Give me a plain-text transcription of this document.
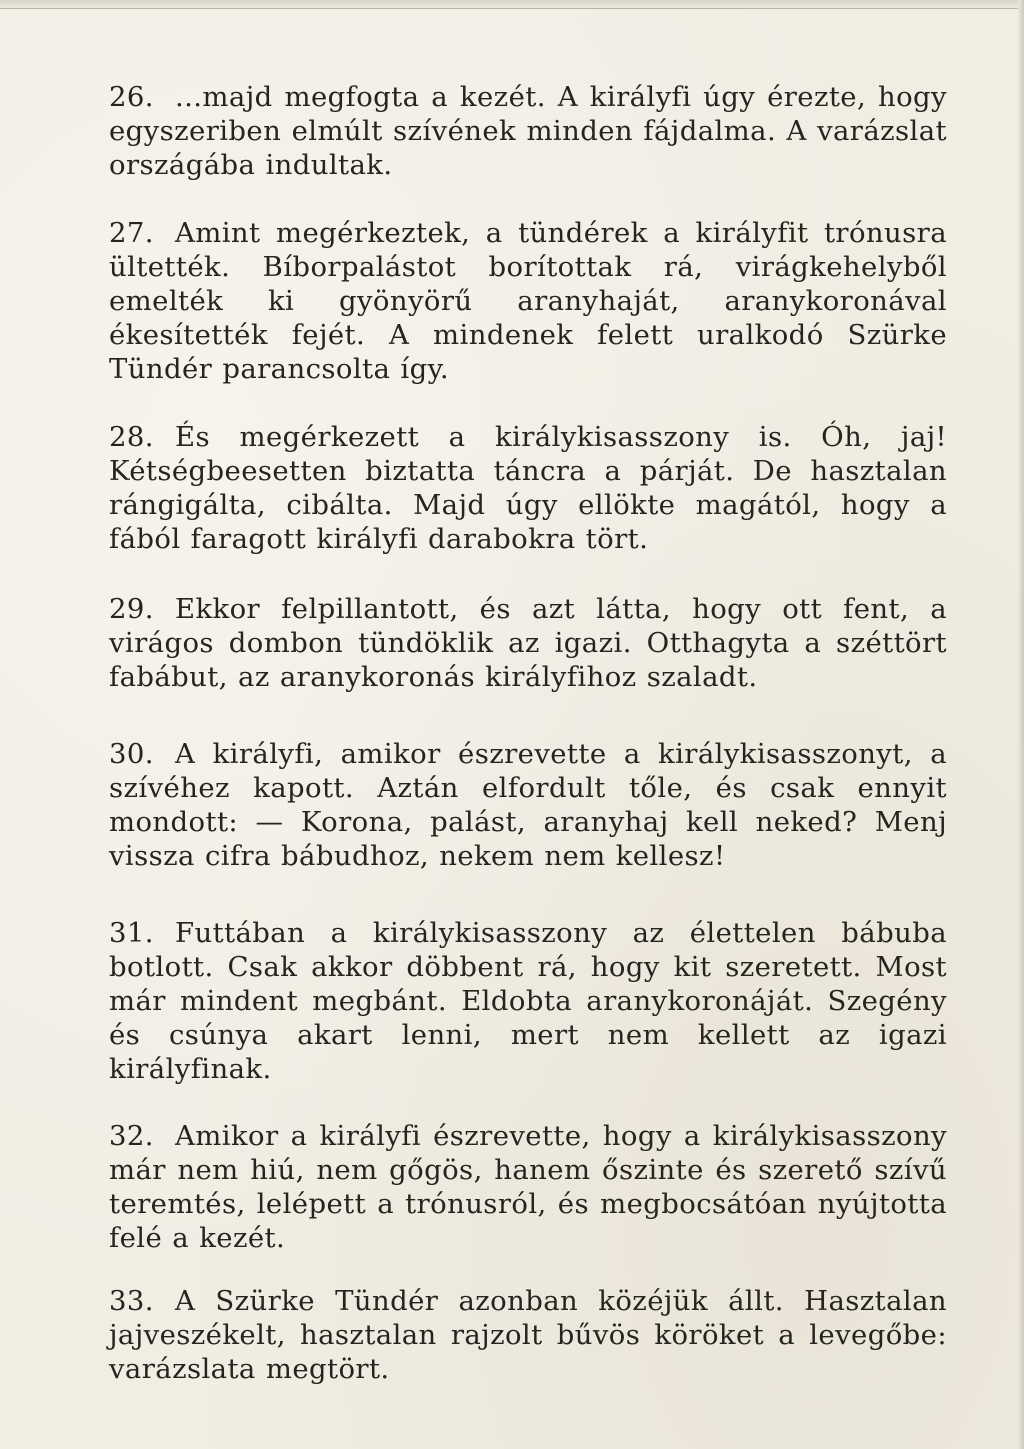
26. ...majd megfogta a kezét. A királyfi úgy érezte, hogy egyszeriben elmúlt szívének minden fájdalma. A varázslat országába indultak.

27. Amint megérkeztek, a tündérek a királyfit trónusra ültették. Bíborpalástot borítottak rá, virágkehelyből emelték ki gyönyörű aranyhaját, aranykoronával ékesítették fejét. A mindenek felett uralkodó Szürke Tündér parancsolta így.

28. És megérkezett a királykisasszony is. Óh, jaj! Kétségbeesetten biztatta táncra a párját. De hasztalan rángigálta, cibálta. Majd úgy ellökte magától, hogy a fából faragott királyfi darabokra tört.

29. Ekkor felpillantott, és azt látta, hogy ott fent, a virágos dombon tündöklik az igazi. Otthagyta a széttört fabábut, az aranykoronás királyfihoz szaladt.

30. A királyfi, amikor észrevette a királykisasszonyt, a szívéhez kapott. Aztán elfordult tőle, és csak ennyit mondott: — Korona, palást, aranyhaj kell neked? Menj vissza cifra bábudhoz, nekem nem kellesz!

31. Futtában a királykisasszony az élettelen bábuba botlott. Csak akkor döbbent rá, hogy kit szeretett. Most már mindent megbánt. Eldobta aranykoronáját. Szegény és csúnya akart lenni, mert nem kellett az igazi királyfinak.

32. Amikor a királyfi észrevette, hogy a királykisasszony már nem hiú, nem gőgös, hanem őszinte és szerető szívű teremtés, lelépett a trónusról, és megbocsátóan nyújtotta felé a kezét.

33. A Szürke Tündér azonban közéjük állt. Hasztalan jajveszékelt, hasztalan rajzolt bűvös köröket a levegőbe: varázslata megtört.
